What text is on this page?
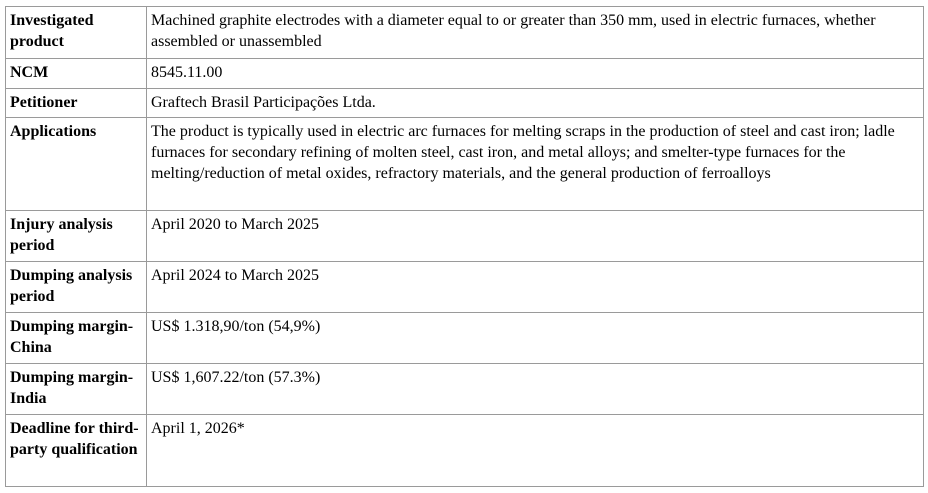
Investigated product	Machined graphite electrodes with a diameter equal to or greater than 350 mm, used in electric furnaces, whether assembled or unassembled
NCM	8545.11.00
Petitioner	Graftech Brasil Participações Ltda.
Applications	The product is typically used in electric arc furnaces for melting scraps in the production of steel and cast iron; ladle furnaces for secondary refining of molten steel, cast iron, and metal alloys; and smelter-type furnaces for the melting/reduction of metal oxides, refractory materials, and the general production of ferroalloys
Injury analysis period	April 2020 to March 2025
Dumping analysis period	April 2024 to March 2025
Dumping margin- China	US$ 1.318,90/ton (54,9%)
Dumping margin- India	US$ 1,607.22/ton (57.3%)
Deadline for third-party qualification	April 1, 2026*
